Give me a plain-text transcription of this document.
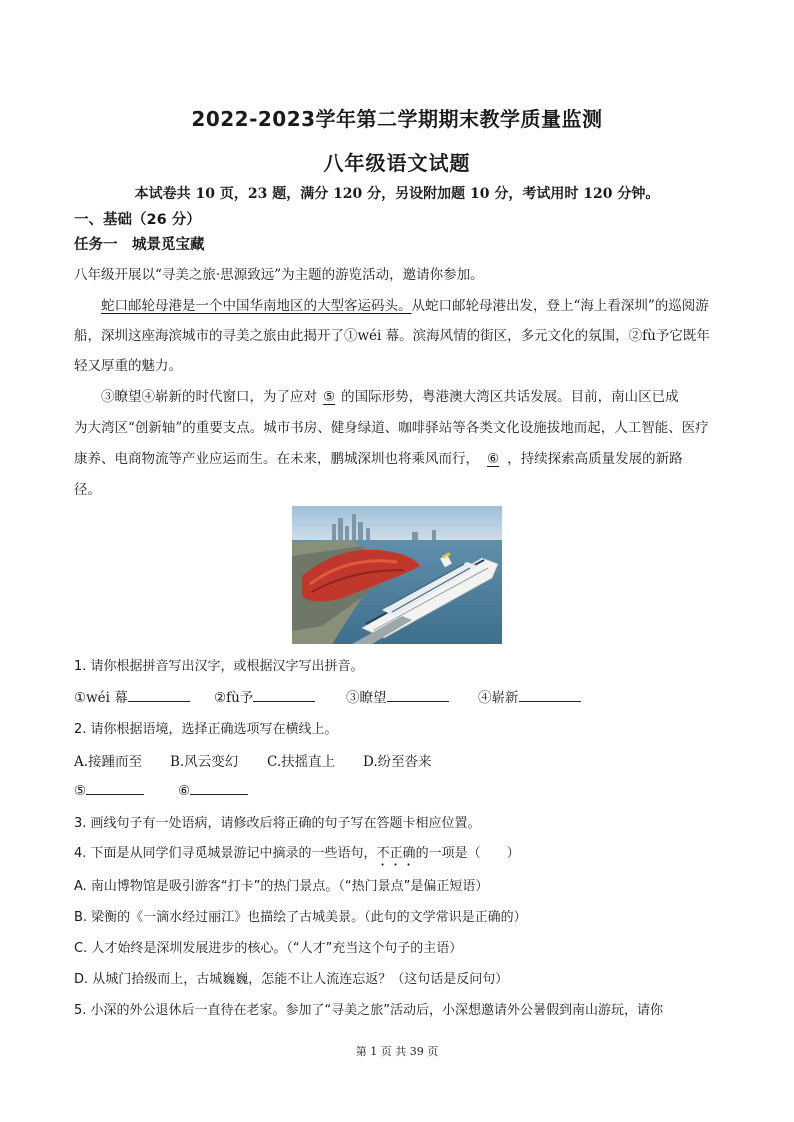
2022-2023学年第二学期期末教学质量监测
八年级语文试题
本试卷共 10 页，23 题，满分 120 分，另设附加题 10 分，考试用时 120 分钟。
一、基础（26 分）
任务一　城景觅宝藏
八年级开展以“寻美之旅·思源致远”为主题的游览活动，邀请你参加。
蛇口邮轮母港是一个中国华南地区的大型客运码头。从蛇口邮轮母港出发，登上“海上看深圳”的巡阅游
船，深圳这座海滨城市的寻美之旅由此揭开了①wéi 幕。滨海风情的街区，多元文化的氛围，②fù予它既年
轻又厚重的魅力。
③瞭望④崭新的时代窗口，为了应对 ⑤ 的国际形势，粤港澳大湾区共话发展。目前，南山区已成
为大湾区“创新轴”的重要支点。城市书房、健身绿道、咖啡驿站等各类文化设施拔地而起，人工智能、医疗
康养、电商物流等产业应运而生。在未来，鹏城深圳也将乘风而行， ⑥ ，持续探索高质量发展的新路
径。
1. 请你根据拼音写出汉字，或根据汉字写出拼音。
①wéi 幕	②fù予	③瞭望	④崭新
2. 请你根据语境，选择正确选项写在横线上。
A.接踵而至 B.风云变幻 C.扶摇直上 D.纷至沓来
⑤	⑥
3. 画线句子有一处语病，请修改后将正确的句子写在答题卡相应位置。
4. 下面是从同学们寻觅城景游记中摘录的一些语句，不正确的一项是（　　）
A. 南山博物馆是吸引游客“打卡”的热门景点。（“热门景点”是偏正短语）
B. 梁衡的《一滴水经过丽江》也描绘了古城美景。（此句的文学常识是正确的）
C. 人才始终是深圳发展进步的核心。（“人才”充当这个句子的主语）
D. 从城门拾级而上，古城巍巍，怎能不让人流连忘返？（这句话是反问句）
5. 小深的外公退休后一直待在老家。参加了“寻美之旅”活动后，小深想邀请外公暑假到南山游玩，请你
第 1 页 共 39 页
